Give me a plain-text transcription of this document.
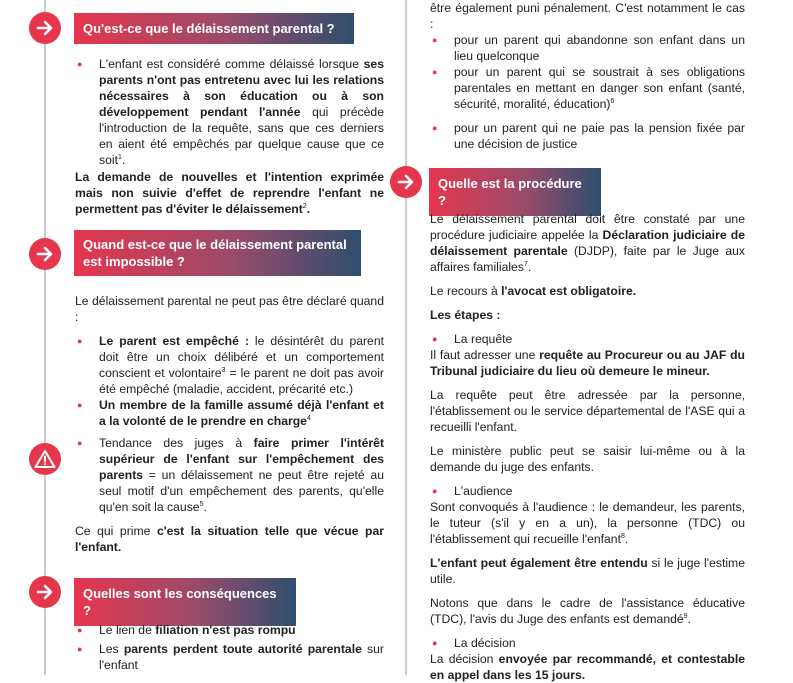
Qu'est-ce que le délaissement parental ?
● L'enfant est considéré comme délaissé lorsque ses parents n'ont pas entretenu avec lui les relations nécessaires à son éducation ou à son développement pendant l'année qui précède l'introduction de la requête, sans que ces derniers en aient été empêchés par quelque cause que ce soit$^1$.

La demande de nouvelles et l'intention exprimée mais non suivie d'effet de reprendre l'enfant ne permettent pas d'éviter le délaissement$^2$.

Quand est-ce que le délaissement parental est impossible ?

Le délaissement parental ne peut pas être déclaré quand :

● Le parent est empêché : le désintérêt du parent doit être un choix délibéré et un comportement conscient et volontaire$^3$ = le parent ne doit pas avoir été empêché (maladie, accident, précarité etc.)
● Un membre de la famille assumé déjà l'enfant et a la volonté de le prendre en charge$^4$
● Tendance des juges à faire primer l'intérêt supérieur de l'enfant sur l'empêchement des parents = un délaissement ne peut être rejeté au seul motif d'un empêchement des parents, qu'elle qu'en soit la cause$^5$.

Ce qui prime c'est la situation telle que vécue par l'enfant.

Quelles sont les conséquences ?
● Le lien de filiation n'est pas rompu
● Les parents perdent toute autorité parentale sur l'enfant

être également puni pénalement. C'est notamment le cas :

● pour un parent qui abandonne son enfant dans un lieu quelconque
● pour un parent qui se soustrait à ses obligations parentales en mettant en danger son enfant (santé, sécurité, moralité, éducation)$^6$
● pour un parent qui ne paie pas la pension fixée par une décision de justice
Quelle est la procédure ?

Le délaissement parental doit être constaté par une procédure judiciaire appelée la Déclaration judiciaire de délaissement parentale (DJDP), faite par le Juge aux affaires familiales$^7$.

Le recours à l'avocat est obligatoire.

Les étapes :

● La requête

Il faut adresser une requête au Procureur ou au JAF du Tribunal judiciaire du lieu où demeure le mineur.

La requête peut être adressée par la personne, l'établissement ou le service départemental de l'ASE qui a recueilli l'enfant.

Le ministère public peut se saisir lui-même ou à la demande du juge des enfants.

● L'audience

Sont convoqués à l'audience : le demandeur, les parents, le tuteur (s'il y en a un), la personne (TDC) ou l'établissement qui recueille l'enfant$^8$.

L'enfant peut également être entendu si le juge l'estime utile.

Notons que dans le cadre de l'assistance éducative (TDC), l'avis du Juge des enfants est demandé$^9$.

● La décision

La décision envoyée par recommandé, et contestable en appel dans les 15 jours.
